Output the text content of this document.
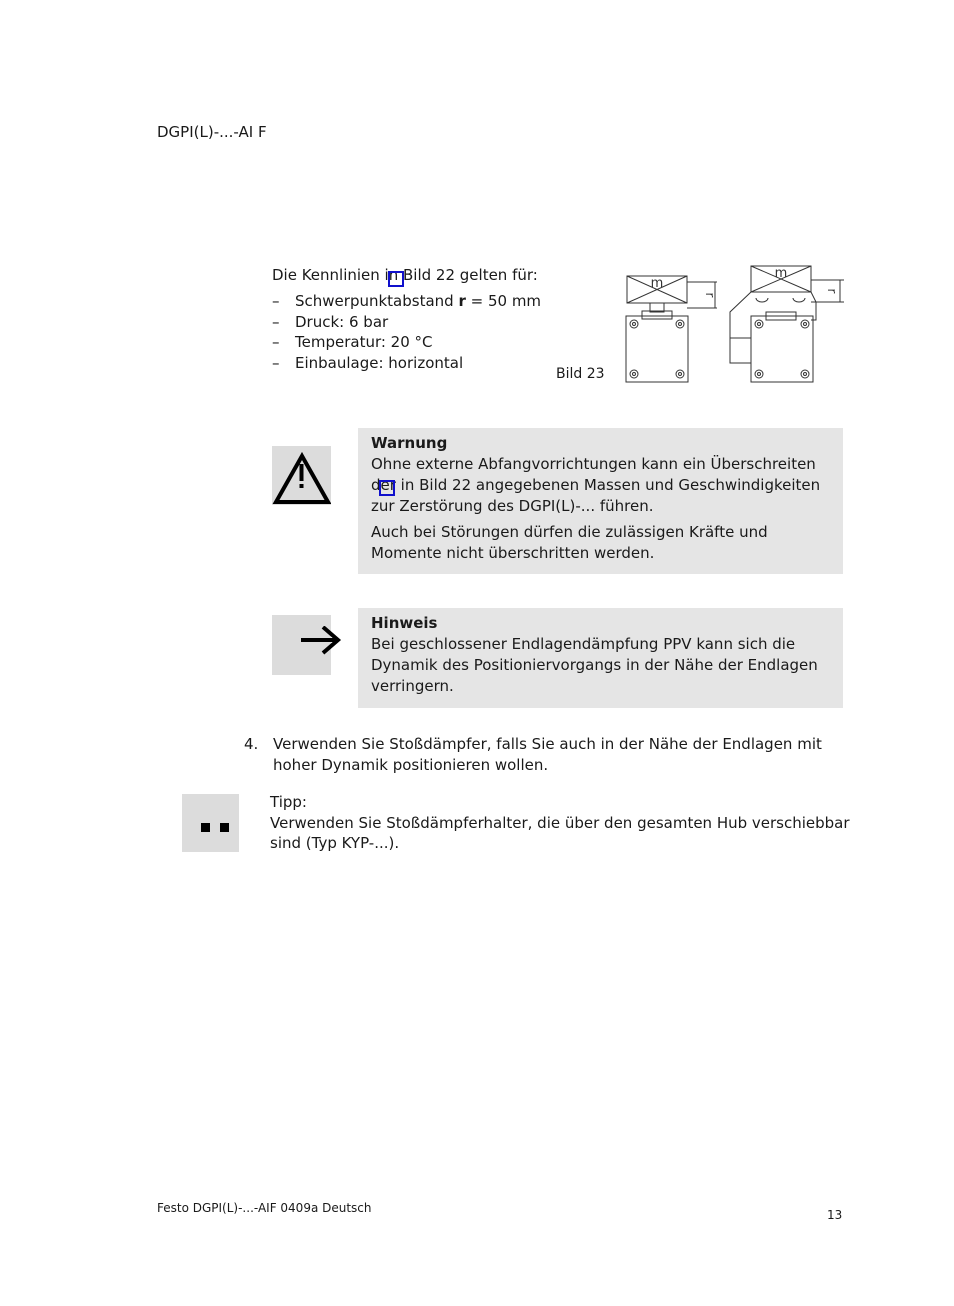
DGPI(L)-...-AI F
Die Kennlinien in Bild 22 gelten für:
–	Schwerpunktabstand r = 50 mm
–	Druck: 6 bar
–	Temperatur: 20 °C
–	Einbaulage: horizontal
Bild 23
m
r
m
r
Warnung

Ohne externe Abfangvorrichtungen kann ein Überschreiten der in Bild 22 angegebenen Massen und Geschwindigkeiten zur Zerstörung des DGPI(L)-... führen.

Auch bei Störungen dürfen die zulässigen Kräfte und Momente nicht überschritten werden.

Hinweis

Bei geschlossener Endlagendämpfung PPV kann sich die Dynamik des Positioniervorgangs in der Nähe der Endlagen verringern.

4. Verwenden Sie Stoßdämpfer, falls Sie auch in der Nähe der Endlagen mit hoher Dynamik positionieren wollen.
Tipp:
Verwenden Sie Stoßdämpferhalter, die über den gesamten Hub verschiebbar sind (Typ KYP-...).
Festo DGPI(L)-...-AIF 0409a Deutsch	13
